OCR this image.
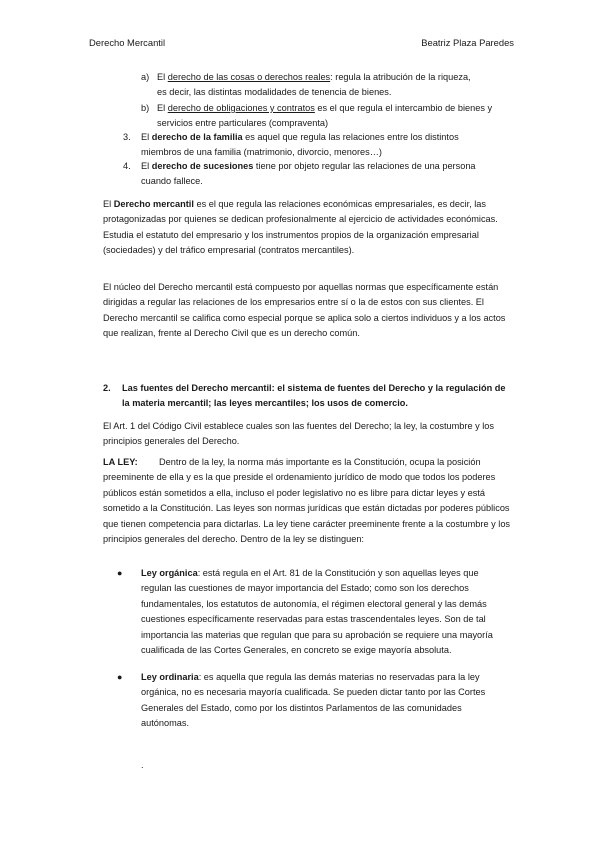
Derecho Mercantil	Beatriz Plaza Paredes
a) El derecho de las cosas o derechos reales: regula la atribución de la riqueza, es decir, las distintas modalidades de tenencia de bienes.

b) El derecho de obligaciones y contratos es el que regula el intercambio de bienes y servicios entre particulares (compraventa)

3. El derecho de la familia es aquel que regula las relaciones entre los distintos miembros de una familia (matrimonio, divorcio, menores…)

4. El derecho de sucesiones tiene por objeto regular las relaciones de una persona cuando fallece.

El Derecho mercantil es el que regula las relaciones económicas empresariales, es decir, las protagonizadas por quienes se dedican profesionalmente al ejercicio de actividades económicas. Estudia el estatuto del empresario y los instrumentos propios de la organización empresarial (sociedades) y del tráfico empresarial (contratos mercantiles).

El núcleo del Derecho mercantil está compuesto por aquellas normas que específicamente están dirigidas a regular las relaciones de los empresarios entre sí o la de estos con sus clientes. El Derecho mercantil se califica como especial porque se aplica solo a ciertos individuos y a los actos que realizan, frente al Derecho Civil que es un derecho común.
2. Las fuentes del Derecho mercantil: el sistema de fuentes del Derecho y la regulación de la materia mercantil; las leyes mercantiles; los usos de comercio.
El Art. 1 del Código Civil establece cuales son las fuentes del Derecho; la ley, la costumbre y los principios generales del Derecho.
LA LEY:	Dentro de la ley, la norma más importante es la Constitución, ocupa la posición preeminente de ella y es la que preside el ordenamiento jurídico de modo que todos los poderes públicos están sometidos a ella, incluso el poder legislativo no es libre para dictar leyes y está sometido a la Constitución. Las leyes son normas jurídicas que están dictadas por poderes públicos que tienen competencia para dictarlas. La ley tiene carácter preeminente frente a la costumbre y los principios generales del derecho. Dentro de la ley se distinguen:
● Ley orgánica: está regula en el Art. 81 de la Constitución y son aquellas leyes que regulan las cuestiones de mayor importancia del Estado; como son los derechos fundamentales, los estatutos de autonomía, el régimen electoral general y las demás cuestiones específicamente reservadas para estas trascendentales leyes. Son de tal importancia las materias que regulan que para su aprobación se requiere una mayoría cualificada de las Cortes Generales, en concreto se exige mayoría absoluta.

● Ley ordinaria: es aquella que regula las demás materias no reservadas para la ley orgánica, no es necesaria mayoría cualificada. Se pueden dictar tanto por las Cortes Generales del Estado, como por los distintos Parlamentos de las comunidades autónomas.

.
